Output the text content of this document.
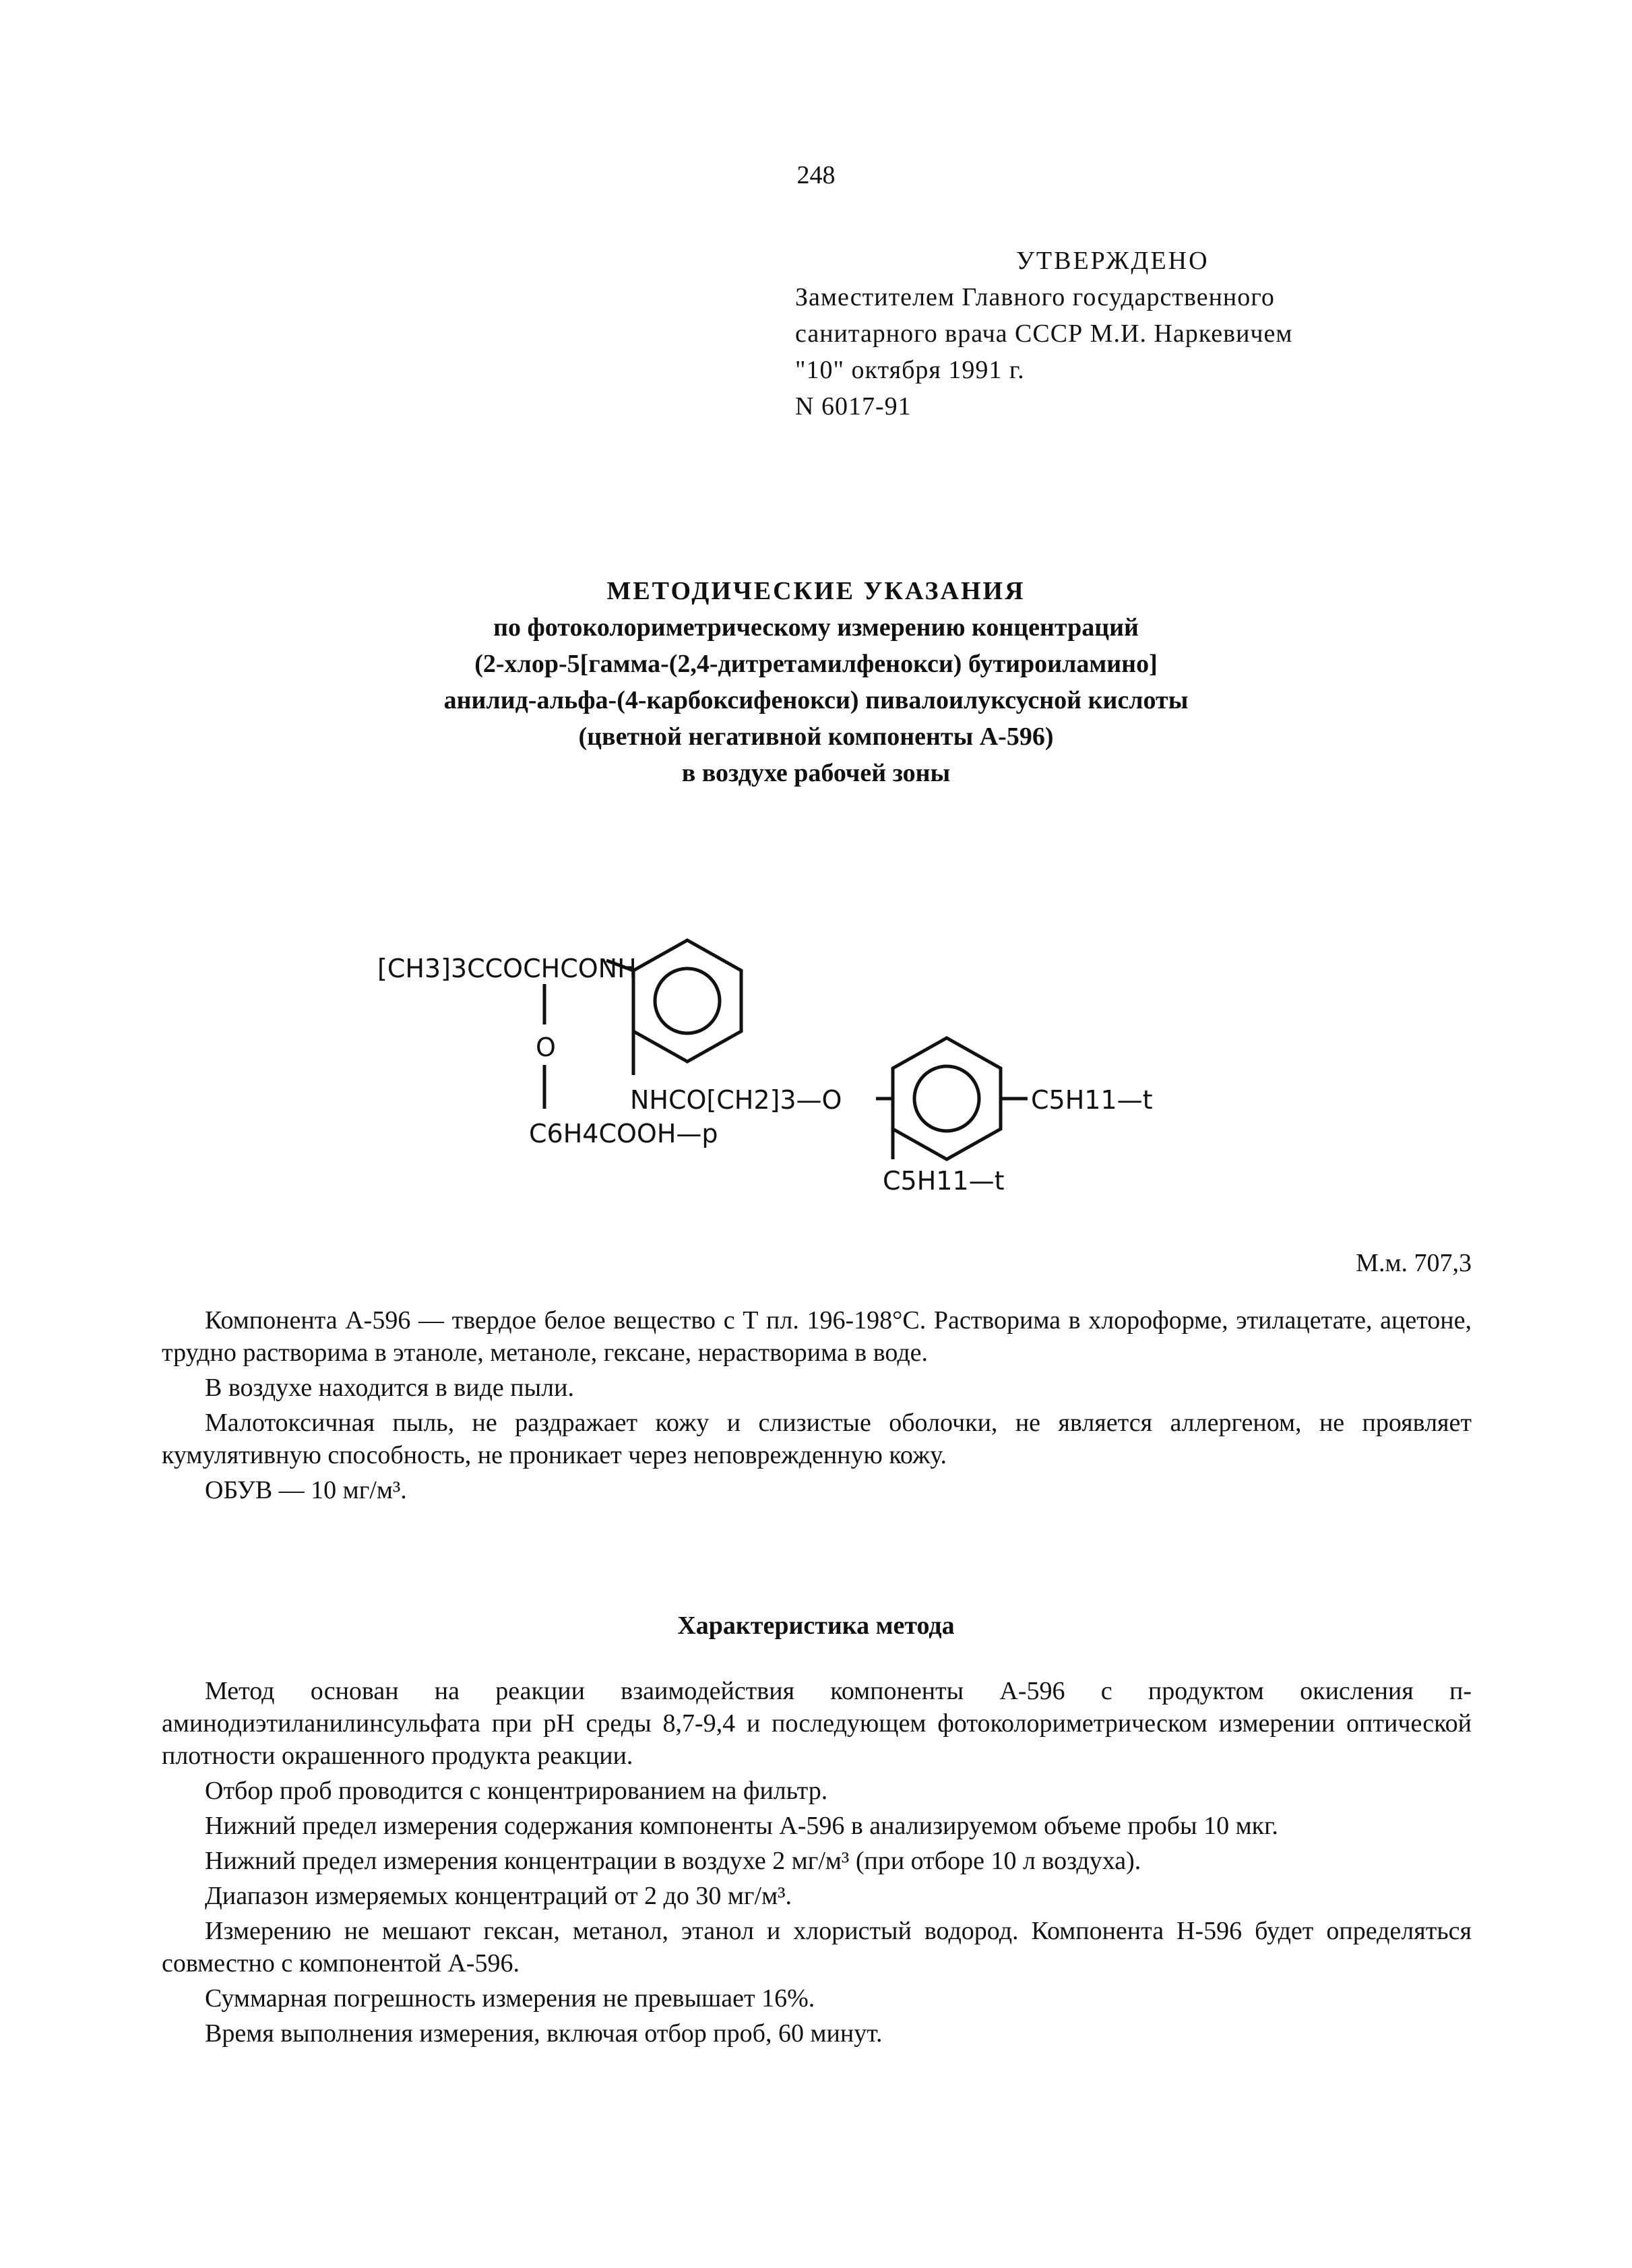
248
УТВЕРЖДЕНО
Заместителем Главного государственного
санитарного врача СССР М.И. Наркевичем
"10" октября 1991 г.
N 6017-91
МЕТОДИЧЕСКИЕ УКАЗАНИЯ
по фотоколориметрическому измерению концентраций
(2-хлор-5[гамма-(2,4-дитретамилфенокси) бутироиламино]
анилид-альфа-(4-карбоксифенокси) пивалоилуксусной кислоты
(цветной негативной компоненты А-596)
в воздухе рабочей зоны
[CH3]3CCOCHCONH
O
C6H4COOH—p
NHCO[CH2]3—O	C5H11—t
C5H11—t
М.м. 707,3

Компонента А-596 — твердое белое вещество с Т пл. 196-198°С. Растворима в хлороформе, этилацетате, ацетоне, трудно растворима в этаноле, метаноле, гексане, нерастворима в воде.

В воздухе находится в виде пыли.

Малотоксичная пыль, не раздражает кожу и слизистые оболочки, не является аллергеном, не проявляет кумулятивную способность, не проникает через неповрежденную кожу.

ОБУВ — 10 мг/м³.

Характеристика метода

Метод основан на реакции взаимодействия компоненты А-596 с продуктом окисления п-аминодиэтиланилинсульфата при рН среды 8,7-9,4 и последующем фотоколориметрическом измерении оптической плотности окрашенного продукта реакции.

Отбор проб проводится с концентрированием на фильтр.

Нижний предел измерения содержания компоненты А-596 в анализируемом объеме пробы 10 мкг.

Нижний предел измерения концентрации в воздухе 2 мг/м³ (при отборе 10 л воздуха).

Диапазон измеряемых концентраций от 2 до 30 мг/м³.

Измерению не мешают гексан, метанол, этанол и хлористый водород. Компонента Н-596 будет определяться совместно с компонентой А-596.

Суммарная погрешность измерения не превышает 16%.

Время выполнения измерения, включая отбор проб, 60 минут.
